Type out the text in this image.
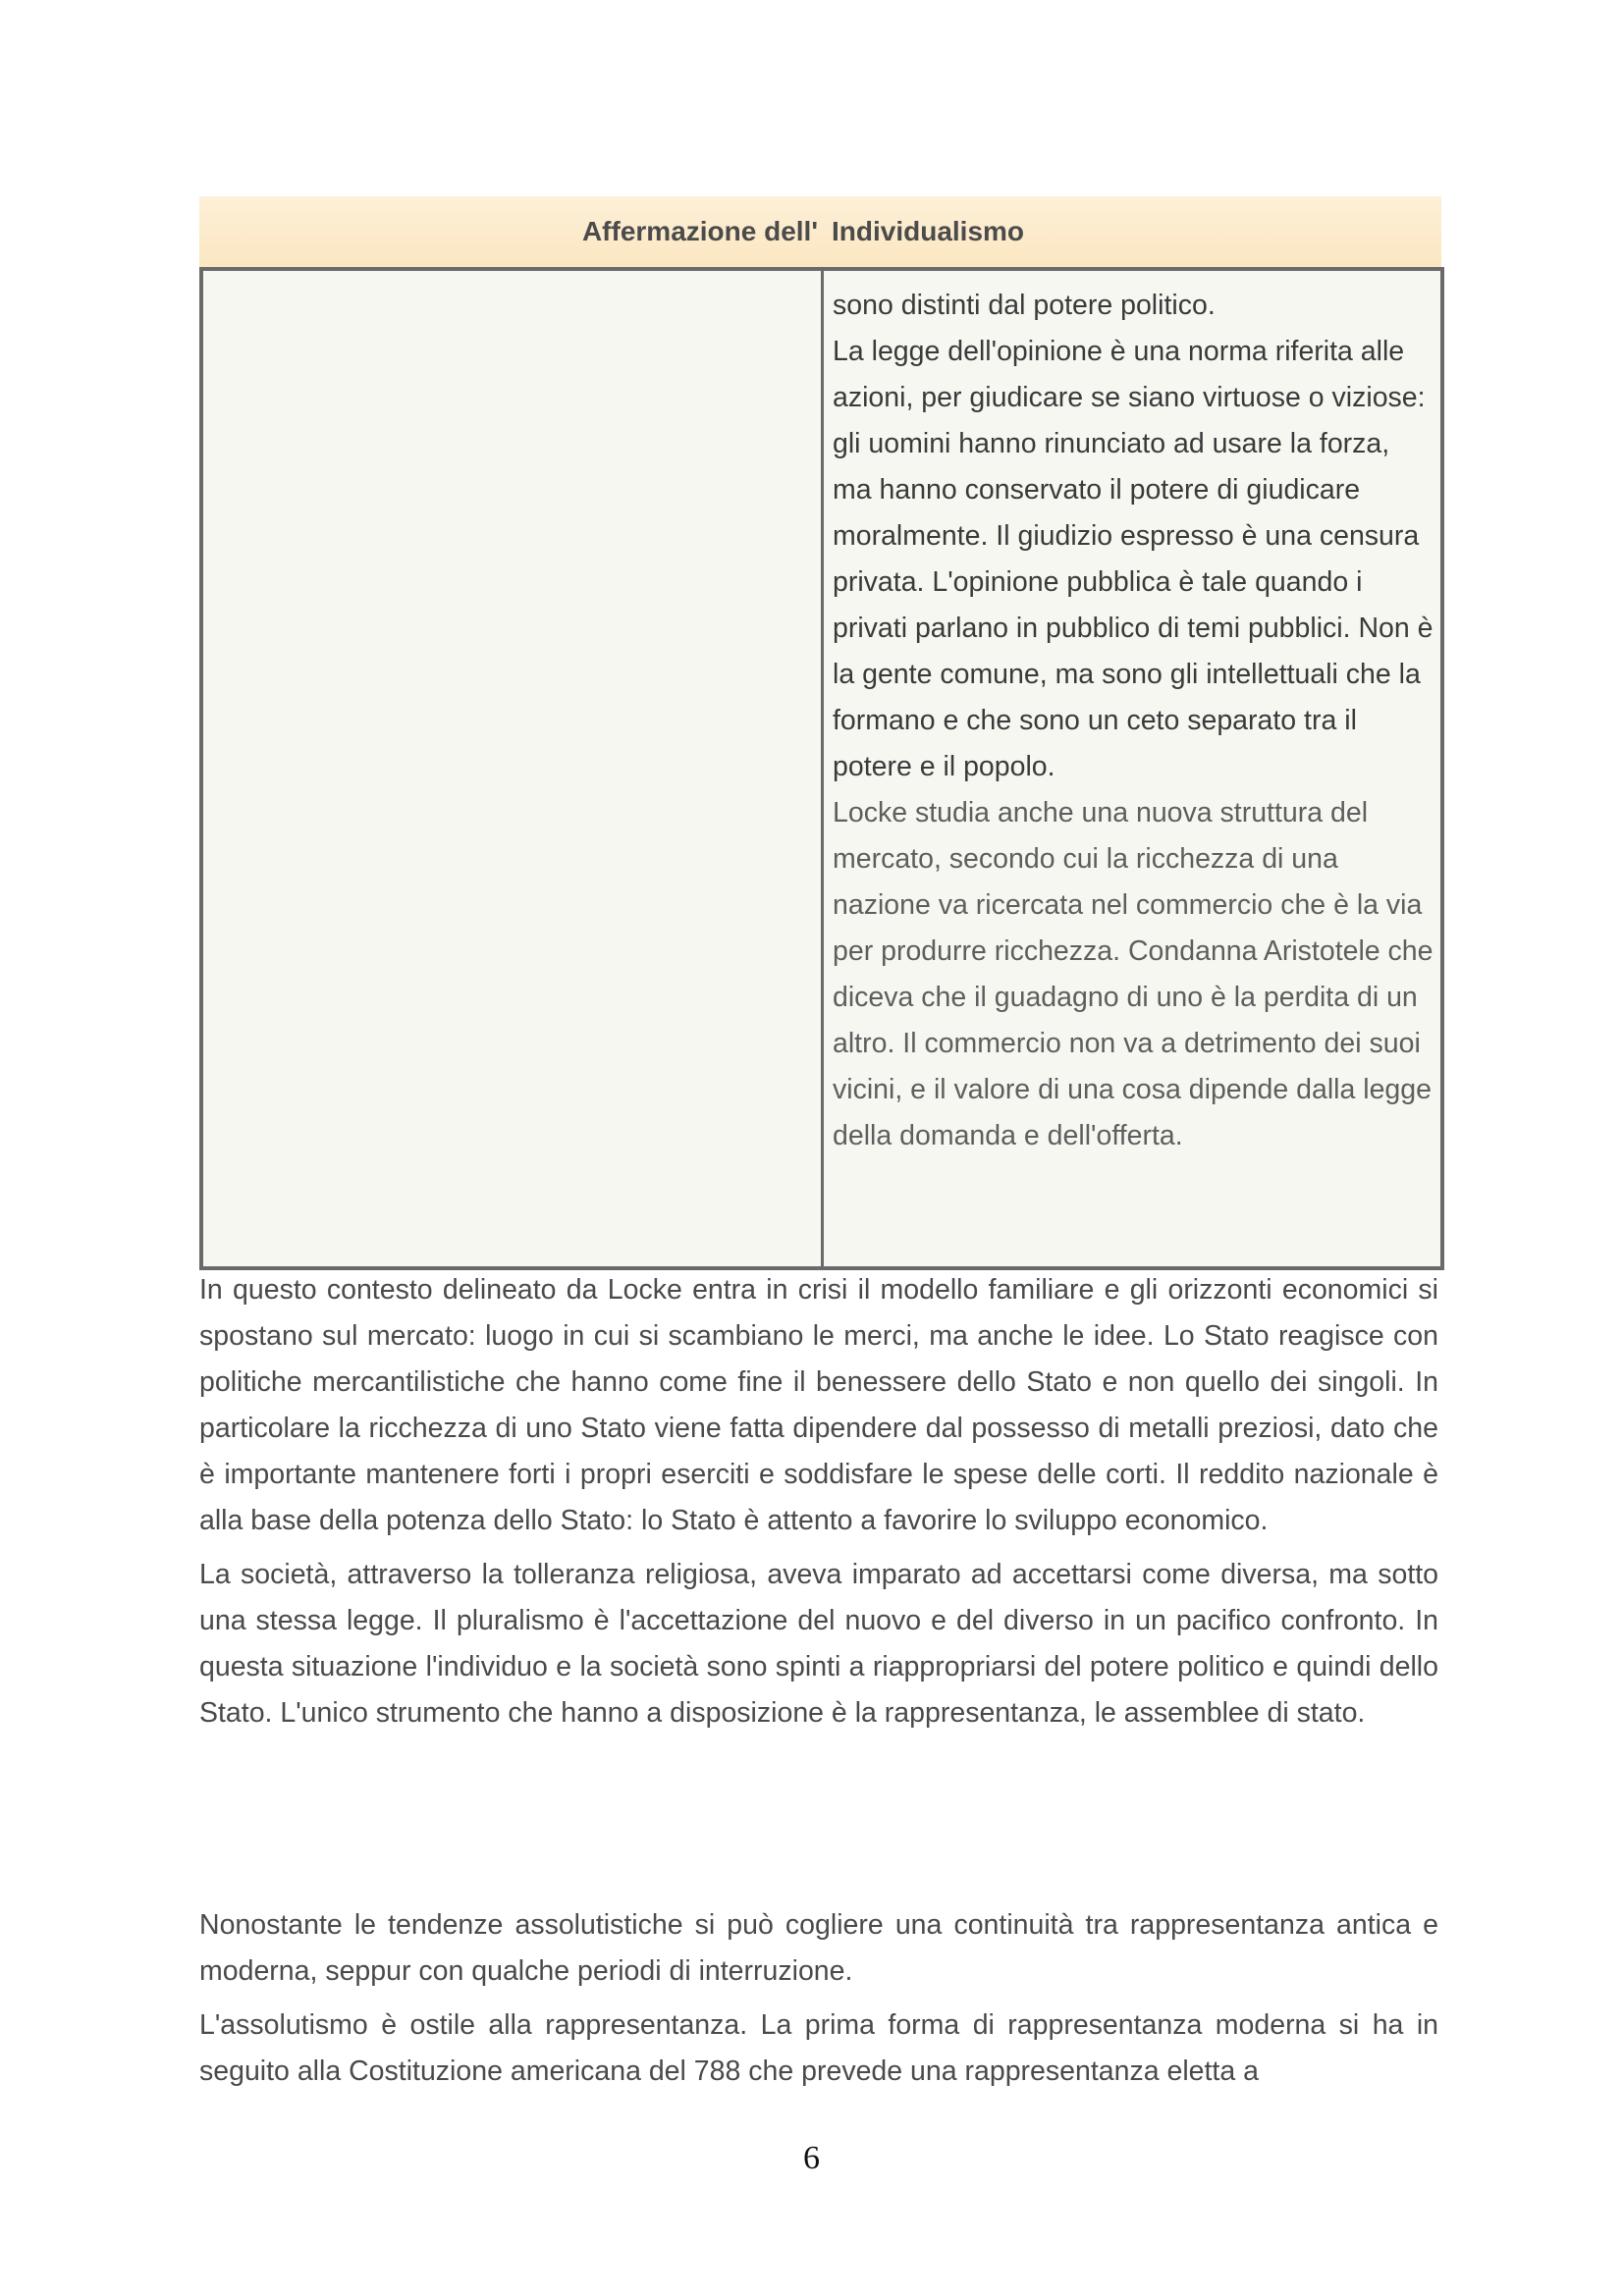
Affermazione dell' Individualismo

sono distinti dal potere politico.

La legge dell'opinione è una norma riferita alle azioni, per giudicare se siano virtuose o viziose: gli uomini hanno rinunciato ad usare la forza, ma hanno conservato il potere di giudicare moralmente. Il giudizio espresso è una censura privata. L'opinione pubblica è tale quando i privati parlano in pubblico di temi pubblici. Non è la gente comune, ma sono gli intellettuali che la formano e che sono un ceto separato tra il potere e il popolo.

Locke studia anche una nuova struttura del mercato, secondo cui la ricchezza di una nazione va ricercata nel commercio che è la via per produrre ricchezza. Condanna Aristotele che diceva che il guadagno di uno è la perdita di un altro. Il commercio non va a detrimento dei suoi vicini, e il valore di una cosa dipende dalla legge della domanda e dell'offerta.

In questo contesto delineato da Locke entra in crisi il modello familiare e gli orizzonti economici si spostano sul mercato: luogo in cui si scambiano le merci, ma anche le idee. Lo Stato reagisce con politiche mercantilistiche che hanno come fine il benessere dello Stato e non quello dei singoli. In particolare la ricchezza di uno Stato viene fatta dipendere dal possesso di metalli preziosi, dato che è importante mantenere forti i propri eserciti e soddisfare le spese delle corti. Il reddito nazionale è alla base della potenza dello Stato: lo Stato è attento a favorire lo sviluppo economico.

La società, attraverso la tolleranza religiosa, aveva imparato ad accettarsi come diversa, ma sotto una stessa legge. Il pluralismo è l'accettazione del nuovo e del diverso in un pacifico confronto. In questa situazione l'individuo e la società sono spinti a riappropriarsi del potere politico e quindi dello Stato. L'unico strumento che hanno a disposizione è la rappresentanza, le assemblee di stato.

Nonostante le tendenze assolutistiche si può cogliere una continuità tra rappresentanza antica e moderna, seppur con qualche periodi di interruzione.

L'assolutismo è ostile alla rappresentanza. La prima forma di rappresentanza moderna si ha in seguito alla Costituzione americana del 788 che prevede una rappresentanza eletta a

6
